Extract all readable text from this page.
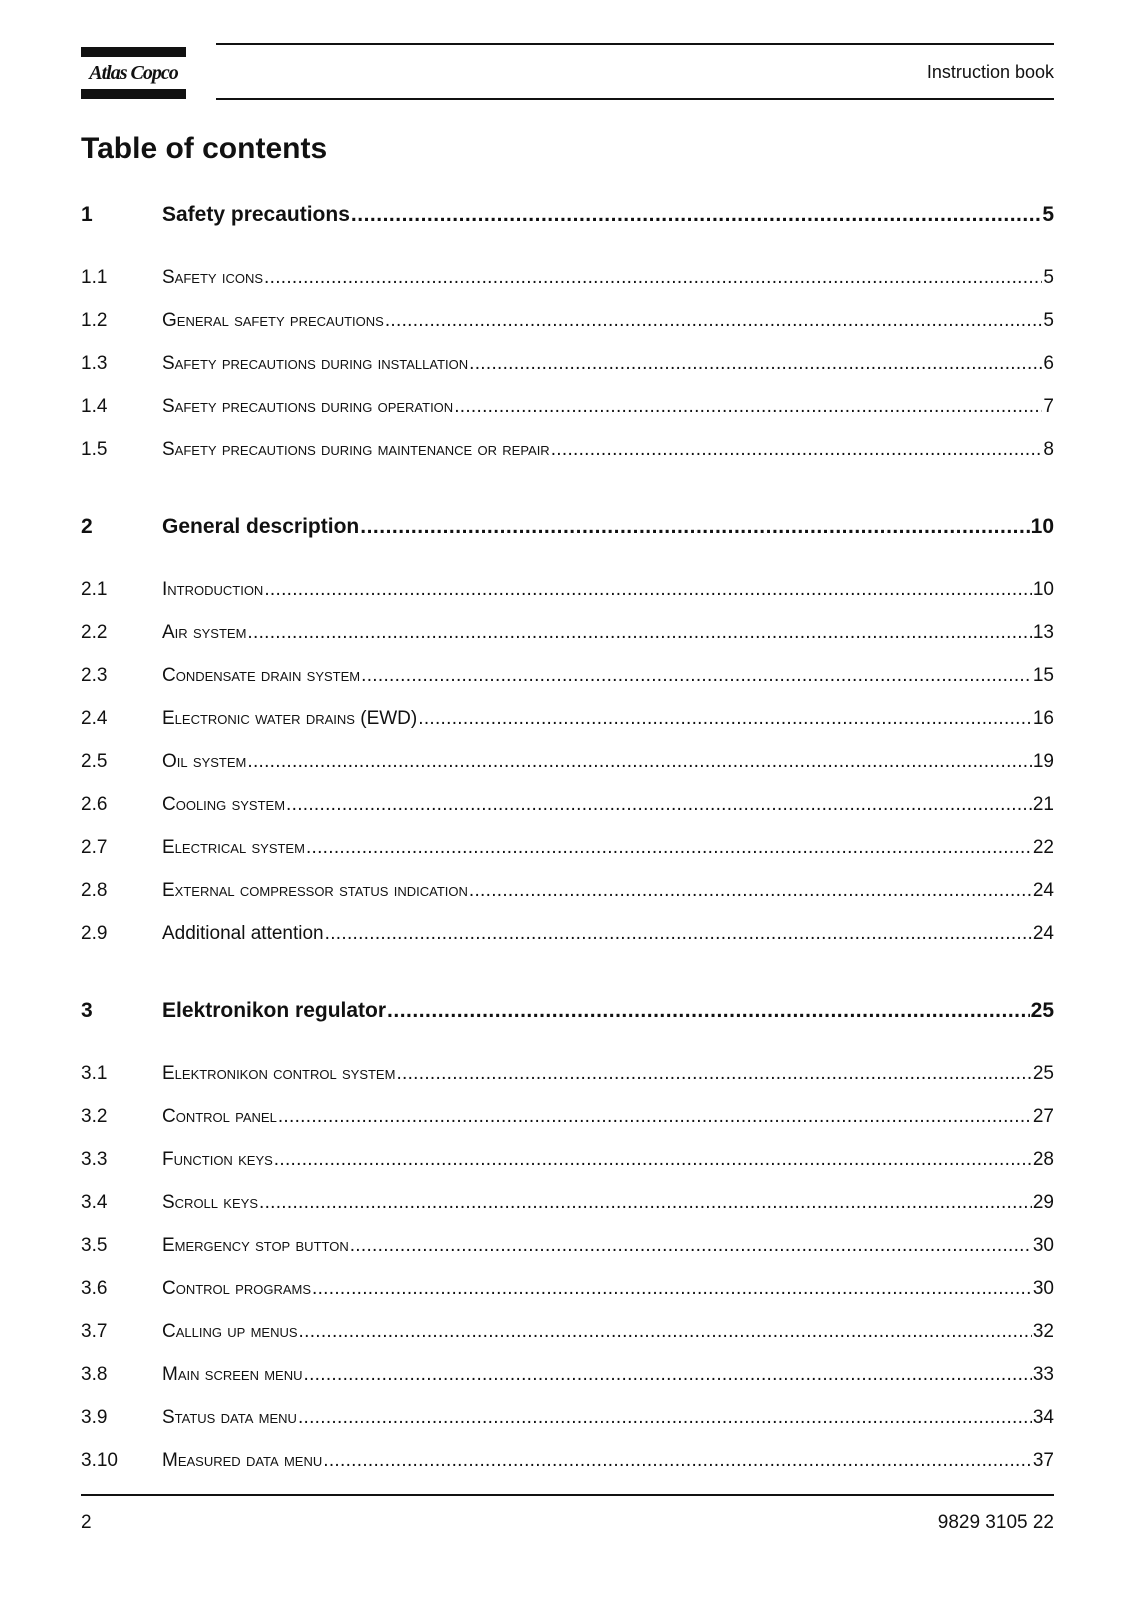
Atlas Copco	Instruction book
Table of contents
1	Safety precautions .....	5
1.1	Safety icons .....	5
1.2	General safety precautions .....	5
1.3	Safety precautions during installation .....	6
1.4	Safety precautions during operation .....	7
1.5	Safety precautions during maintenance or repair .....	8
2	General description .....	10
2.1	Introduction .....	10
2.2	Air system .....	13
2.3	Condensate drain system .....	15
2.4	Electronic water drains (EWD) .....	16
2.5	Oil system .....	19
2.6	Cooling system .....	21
2.7	Electrical system .....	22
2.8	External compressor status indication .....	24
2.9	Additional attention .....	24
3	Elektronikon regulator .....	25
3.1	Elektronikon control system .....	25
3.2	Control panel .....	27
3.3	Function keys .....	28
3.4	Scroll keys .....	29
3.5	Emergency stop button .....	30
3.6	Control programs .....	30
3.7	Calling up menus .....	32
3.8	Main screen menu .....	33
3.9	Status data menu .....	34
3.10	Measured data menu .....	37
2	9829 3105 22
